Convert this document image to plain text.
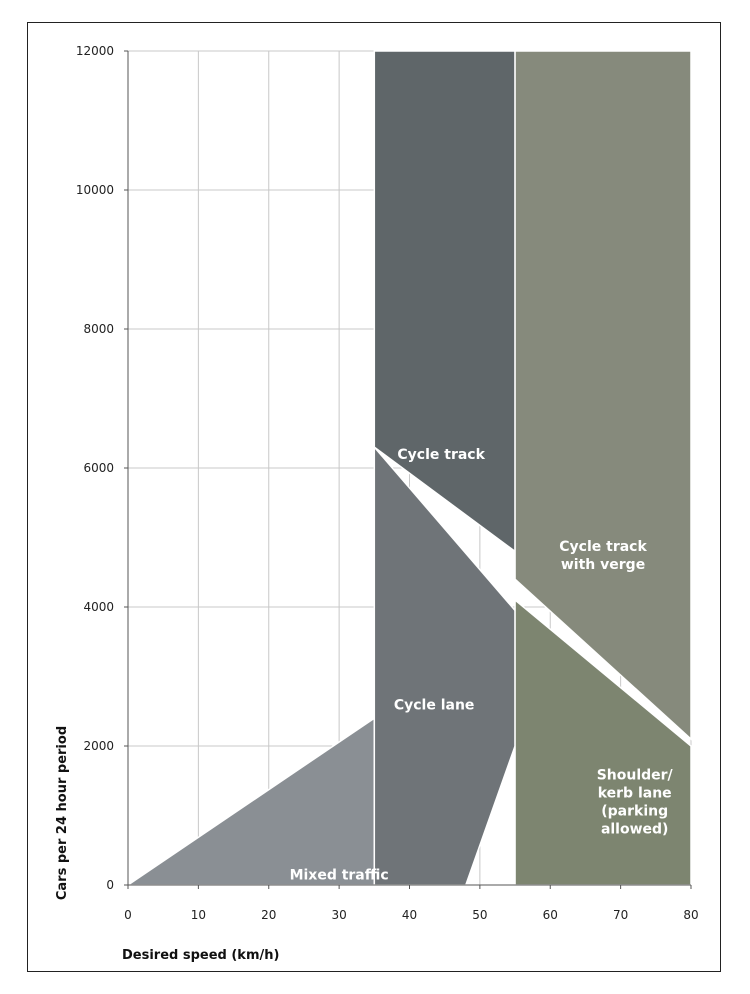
0	10	20	30	40	50	60	70	80
0
2000
4000
6000
8000
10000
12000
Mixed traffic
Cycle lane
Shoulder/
kerb lane
(parking
allowed)
Cycle track
Cycle track
with verge
Desired speed (km/h)
Cars per 24 hour period
